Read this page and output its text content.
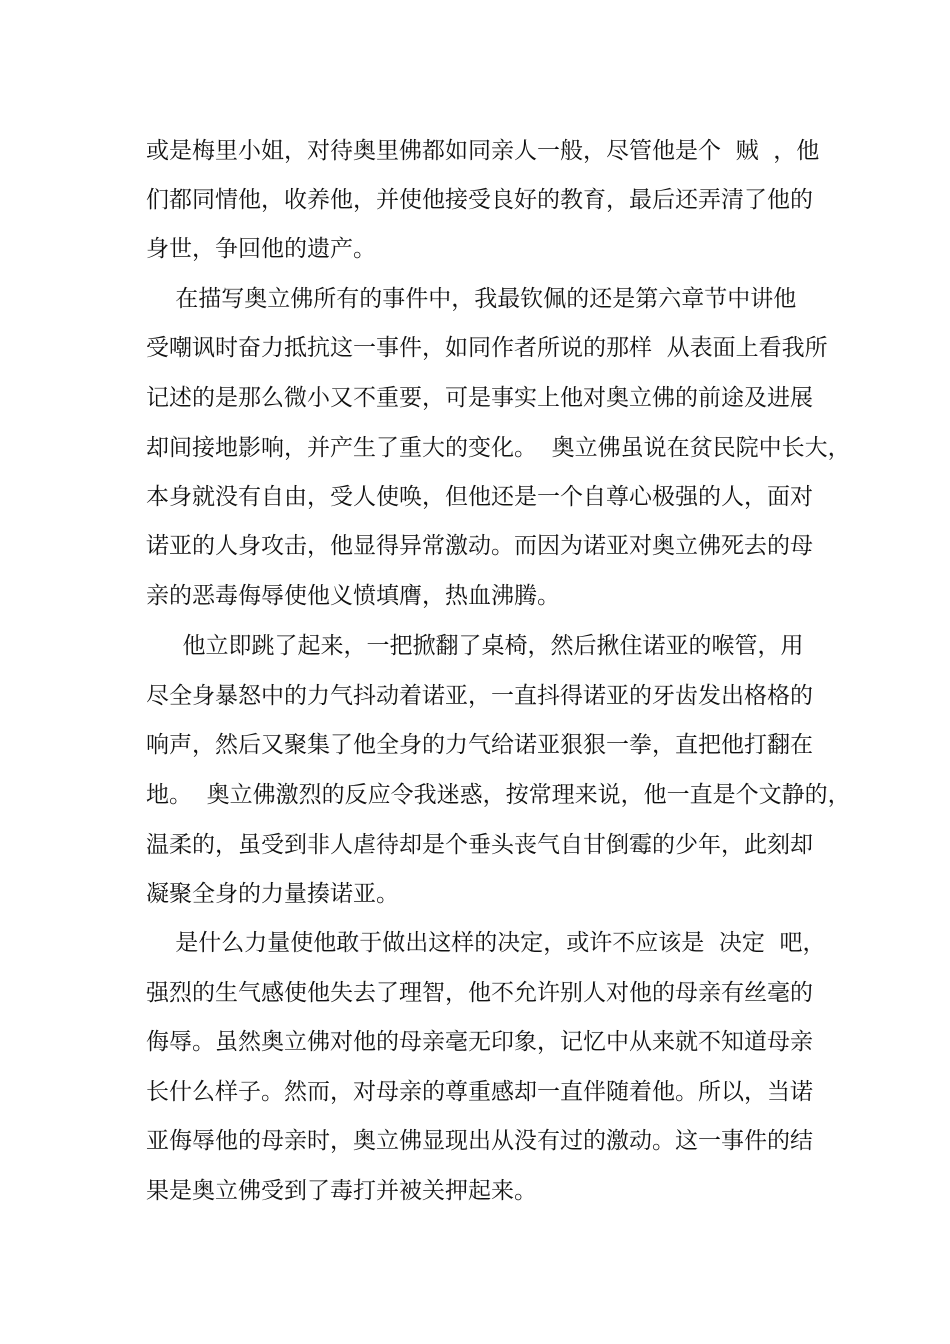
或是梅里小姐，对待奥里佛都如同亲人一般，尽管他是个  贼  ，他
们都同情他，收养他，并使他接受良好的教育，最后还弄清了他的
身世，争回他的遗产。
在描写奥立佛所有的事件中，我最钦佩的还是第六章节中讲他
受嘲讽时奋力抵抗这一事件，如同作者所说的那样  从表面上看我所
记述的是那么微小又不重要，可是事实上他对奥立佛的前途及进展
却间接地影响，并产生了重大的变化。  奥立佛虽说在贫民院中长大，
本身就没有自由，受人使唤，但他还是一个自尊心极强的人，面对
诺亚的人身攻击，他显得异常激动。而因为诺亚对奥立佛死去的母
亲的恶毒侮辱使他义愤填膺，热血沸腾。
他立即跳了起来，一把掀翻了桌椅，然后揪住诺亚的喉管，用
尽全身暴怒中的力气抖动着诺亚，一直抖得诺亚的牙齿发出格格的
响声，然后又聚集了他全身的力气给诺亚狠狠一拳，直把他打翻在
地。  奥立佛激烈的反应令我迷惑，按常理来说，他一直是个文静的，
温柔的，虽受到非人虐待却是个垂头丧气自甘倒霉的少年，此刻却
凝聚全身的力量揍诺亚。
是什么力量使他敢于做出这样的决定，或许不应该是  决定  吧，
强烈的生气感使他失去了理智，他不允许别人对他的母亲有丝毫的
侮辱。虽然奥立佛对他的母亲毫无印象，记忆中从来就不知道母亲
长什么样子。然而，对母亲的尊重感却一直伴随着他。所以，当诺
亚侮辱他的母亲时，奥立佛显现出从没有过的激动。这一事件的结
果是奥立佛受到了毒打并被关押起来。
